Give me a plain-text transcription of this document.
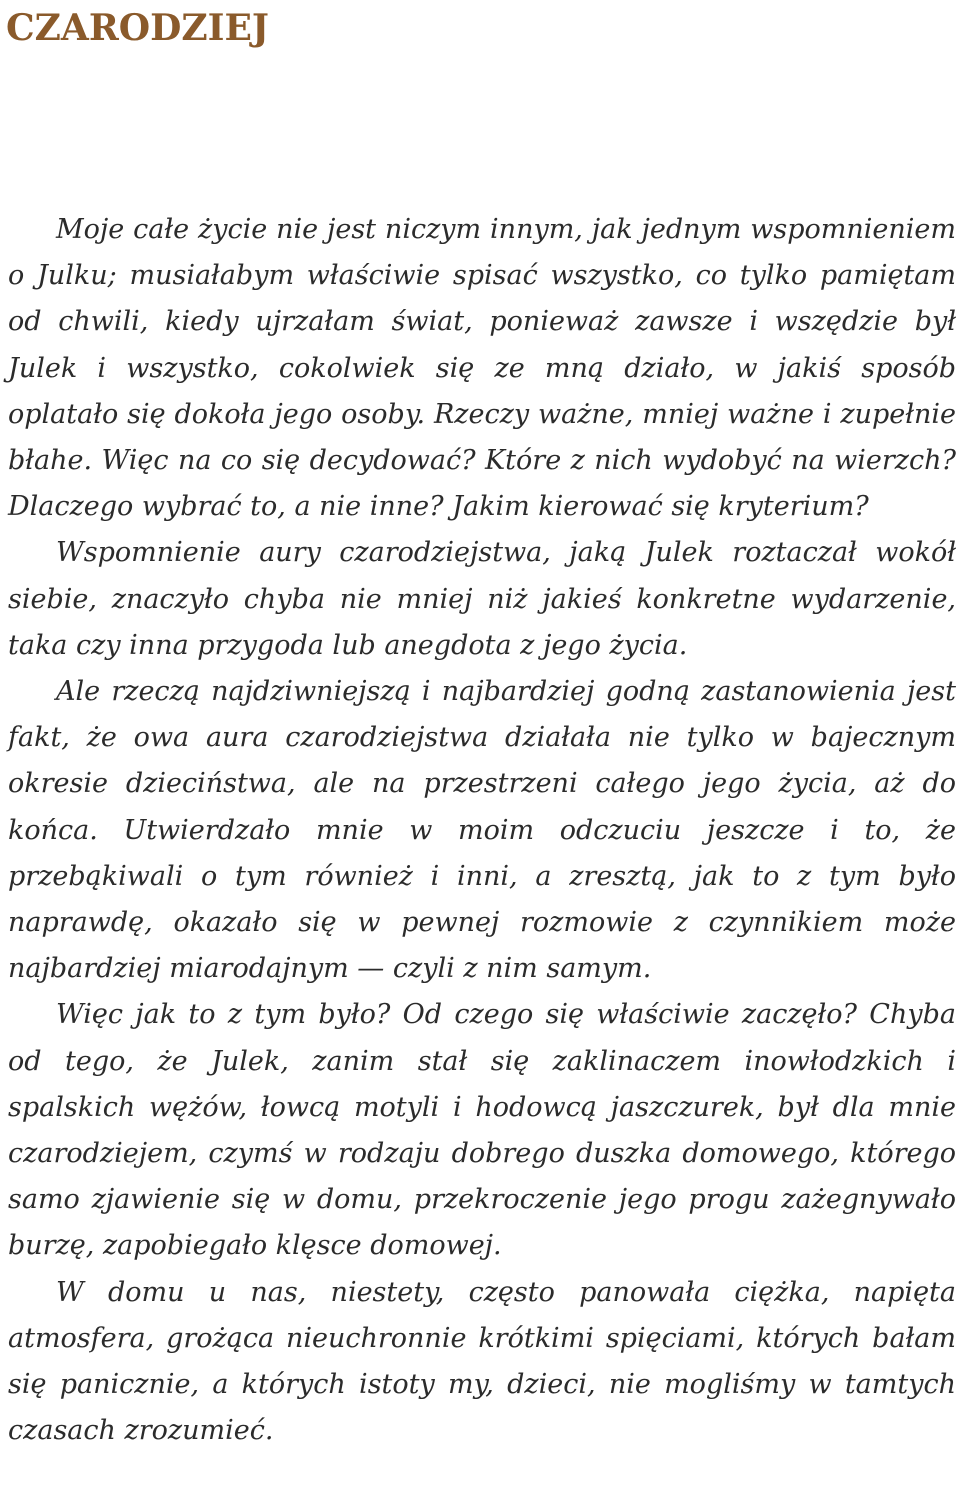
CZARODZIEJ

Moje całe życie nie jest niczym innym, jak jednym wspomnieniem o Julku; musiałabym właściwie spisać wszystko, co tylko pamiętam od chwili, kiedy ujrzałam świat, ponieważ zawsze i wszędzie był Julek i wszystko, cokolwiek się ze mną działo, w jakiś sposób oplatało się dokoła jego osoby. Rzeczy ważne, mniej ważne i zupełnie błahe. Więc na co się decydować? Które z nich wydobyć na wierzch? Dlaczego wybrać to, a nie inne? Jakim kierować się kryterium?

Wspomnienie aury czarodziejstwa, jaką Julek roztaczał wokół siebie, znaczyło chyba nie mniej niż jakieś konkretne wydarzenie, taka czy inna przygoda lub anegdota z jego życia.

Ale rzeczą najdziwniejszą i najbardziej godną zastanowienia jest fakt, że owa aura czarodziejstwa działała nie tylko w bajecznym okresie dzieciństwa, ale na przestrzeni całego jego życia, aż do końca. Utwierdzało mnie w moim odczuciu jeszcze i to, że przebąkiwali o tym również i inni, a zresztą, jak to z tym było naprawdę, okazało się w pewnej rozmowie z czynnikiem może najbardziej miarodajnym — czyli z nim samym.

Więc jak to z tym było? Od czego się właściwie zaczęło? Chyba od tego, że Julek, zanim stał się zaklinaczem inowłodzkich i spalskich wężów, łowcą motyli i hodowcą jaszczurek, był dla mnie czarodziejem, czymś w rodzaju dobrego duszka domowego, którego samo zjawienie się w domu, przekroczenie jego progu zażegnywało burzę, zapobiegało klęsce domowej.

W domu u nas, niestety, często panowała ciężka, napięta atmosfera, grożąca nieuchronnie krótkimi spięciami, których bałam się panicznie, a których istoty my, dzieci, nie mogliśmy w tamtych czasach zrozumieć.
